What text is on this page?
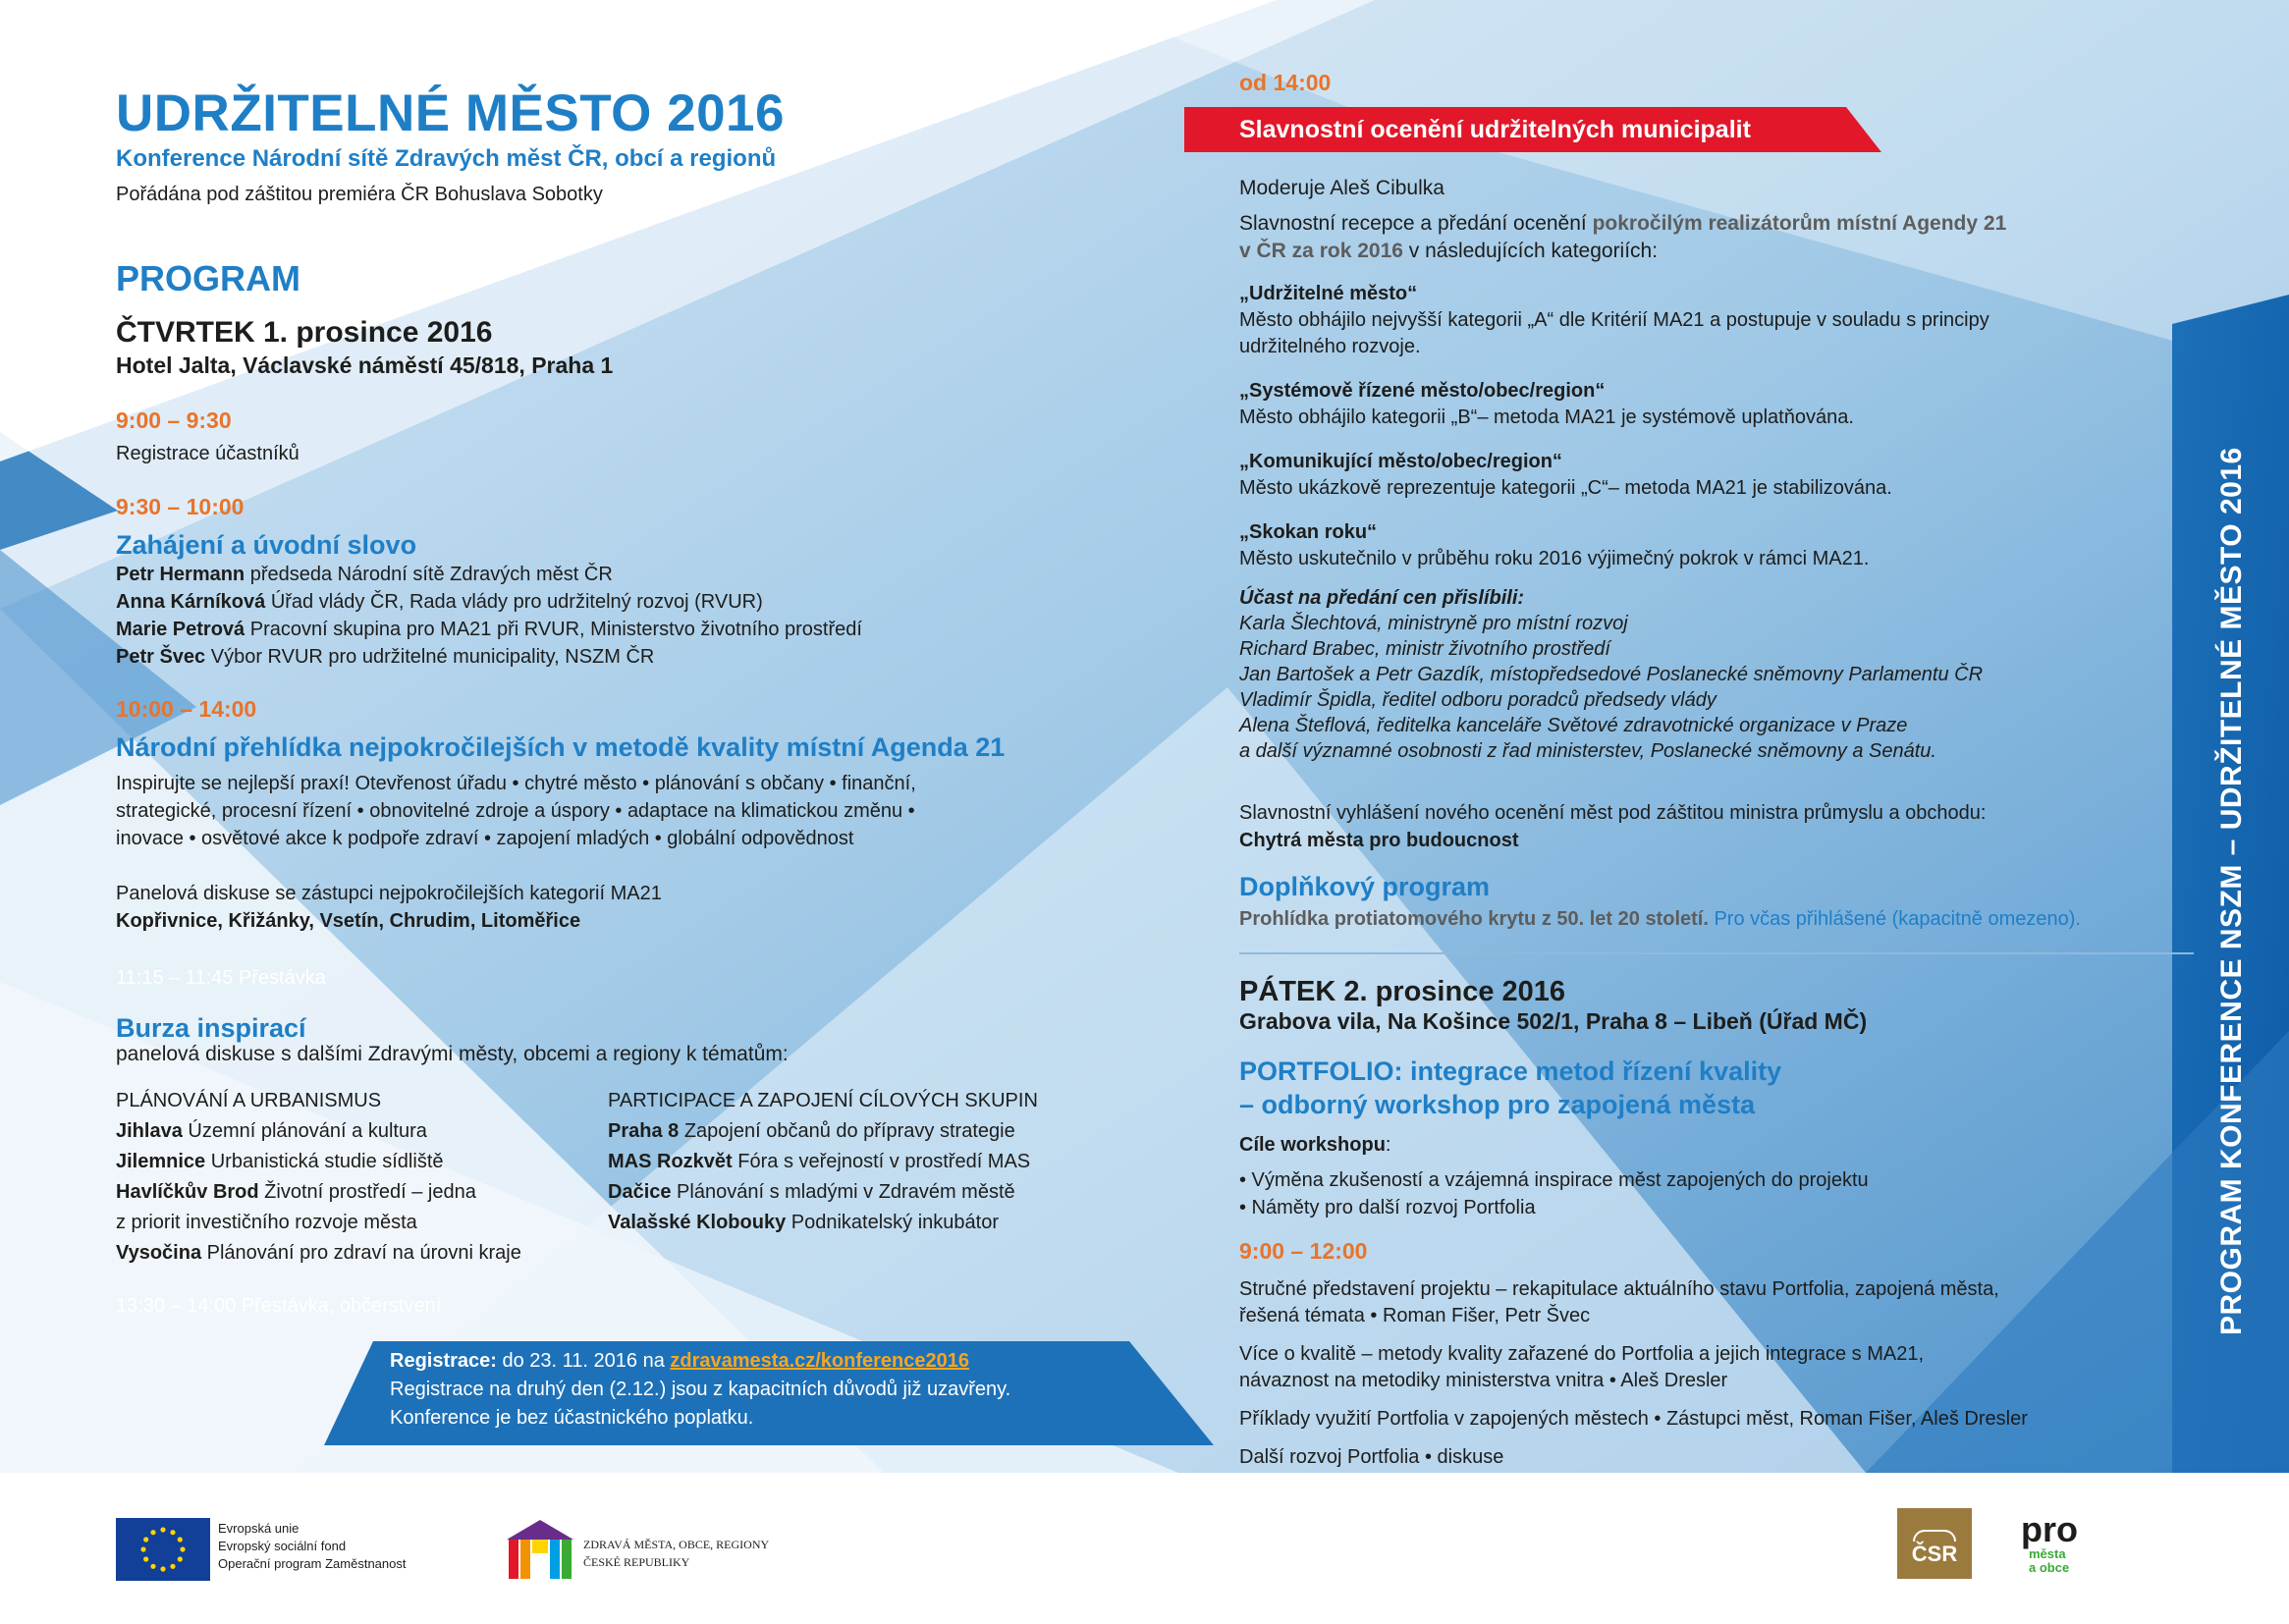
UDRŽITELNÉ MĚSTO 2016
Konference Národní sítě Zdravých měst ČR, obcí a regionů
Pořádána pod záštitou premiéra ČR Bohuslava Sobotky
PROGRAM
ČTVRTEK 1. prosince 2016
Hotel Jalta, Václavské náměstí 45/818, Praha 1
9:00 – 9:30
Registrace účastníků
9:30 – 10:00
Zahájení a úvodní slovo
Petr Hermann předseda Národní sítě Zdravých měst ČR
Anna Kárníková Úřad vlády ČR, Rada vlády pro udržitelný rozvoj (RVUR)
Marie Petrová Pracovní skupina pro MA21 při RVUR, Ministerstvo životního prostředí
Petr Švec Výbor RVUR pro udržitelné municipality, NSZM ČR
10:00 – 14:00
Národní přehlídka nejpokročilejších v metodě kvality místní Agenda 21
Inspirujte se nejlepší praxí! Otevřenost úřadu • chytré město • plánování s občany • finanční,
strategické, procesní řízení • obnovitelné zdroje a úspory • adaptace na klimatickou změnu •
inovace • osvětové akce k podpoře zdraví • zapojení mladých • globální odpovědnost
Panelová diskuse se zástupci nejpokročilejších kategorií MA21
Kopřivnice, Křižánky, Vsetín, Chrudim, Litoměřice
11:15 – 11:45 Přestávka
Burza inspirací
panelová diskuse s dalšími Zdravými městy, obcemi a regiony k tématům:
PLÁNOVÁNÍ A URBANISMUS
Jihlava Územní plánování a kultura
Jilemnice Urbanistická studie sídliště
Havlíčkův Brod Životní prostředí – jedna
z priorit investičního rozvoje města
Vysočina Plánování pro zdraví na úrovni kraje
PARTICIPACE A ZAPOJENÍ CÍLOVÝCH SKUPIN
Praha 8 Zapojení občanů do přípravy strategie
MAS Rozkvět Fóra s veřejností v prostředí MAS
Dačice Plánování s mladými v Zdravém městě
Valašské Klobouky Podnikatelský inkubátor
13:30 – 14:00 Přestávka, občerstvení
Registrace: do 23. 11. 2016 na zdravamesta.cz/konference2016
Registrace na druhý den (2.12.) jsou z kapacitních důvodů již uzavřeny.
Konference je bez účastnického poplatku.
od 14:00
Slavnostní ocenění udržitelných municipalit
Moderuje Aleš Cibulka
Slavnostní recepce a předání ocenění pokročilým realizátorům místní Agendy 21
v ČR za rok 2016 v následujících kategoriích:
„Udržitelné město“
Město obhájilo nejvyšší kategorii „A“ dle Kritérií MA21 a postupuje v souladu s principy
udržitelného rozvoje.
„Systémově řízené město/obec/region“
Město obhájilo kategorii „B“– metoda MA21 je systémově uplatňována.
„Komunikující město/obec/region“
Město ukázkově reprezentuje kategorii „C“– metoda MA21 je stabilizována.
„Skokan roku“
Město uskutečnilo v průběhu roku 2016 výjimečný pokrok v rámci MA21.
Účast na předání cen přislíbili:
Karla Šlechtová, ministryně pro místní rozvoj
Richard Brabec, ministr životního prostředí
Jan Bartošek a Petr Gazdík, místopředsedové Poslanecké sněmovny Parlamentu ČR
Vladimír Špidla, ředitel odboru poradců předsedy vlády
Alena Šteflová, ředitelka kanceláře Světové zdravotnické organizace v Praze
a další významné osobnosti z řad ministerstev, Poslanecké sněmovny a Senátu.
Slavnostní vyhlášení nového ocenění měst pod záštitou ministra průmyslu a obchodu:
Chytrá města pro budoucnost
Doplňkový program
Prohlídka protiatomového krytu z 50. let 20 století. Pro včas přihlášené (kapacitně omezeno).
PÁTEK 2. prosince 2016
Grabova vila, Na Košince 502/1, Praha 8 – Libeň (Úřad MČ)
PORTFOLIO: integrace metod řízení kvality
– odborný workshop pro zapojená města
Cíle workshopu:
• Výměna zkušeností a vzájemná inspirace měst zapojených do projektu
• Náměty pro další rozvoj Portfolia
9:00 – 12:00
Stručné představení projektu – rekapitulace aktuálního stavu Portfolia, zapojená města,
řešená témata • Roman Fišer, Petr Švec
Více o kvalitě – metody kvality zařazené do Portfolia a jejich integrace s MA21,
návaznost na metodiky ministerstva vnitra • Aleš Dresler
Příklady využití Portfolia v zapojených městech • Zástupci měst, Roman Fišer, Aleš Dresler
Další rozvoj Portfolia • diskuse
PROGRAM KONFERENCE NSZM – UDRŽITELNÉ MĚSTO 2016
Evropská unie
Evropský sociální fond
Operační program Zaměstnanost
ZDRAVÁ MĚSTA, OBCE, REGIONY
ČESKÉ REPUBLIKY	ČSR
pro
města
a obce
